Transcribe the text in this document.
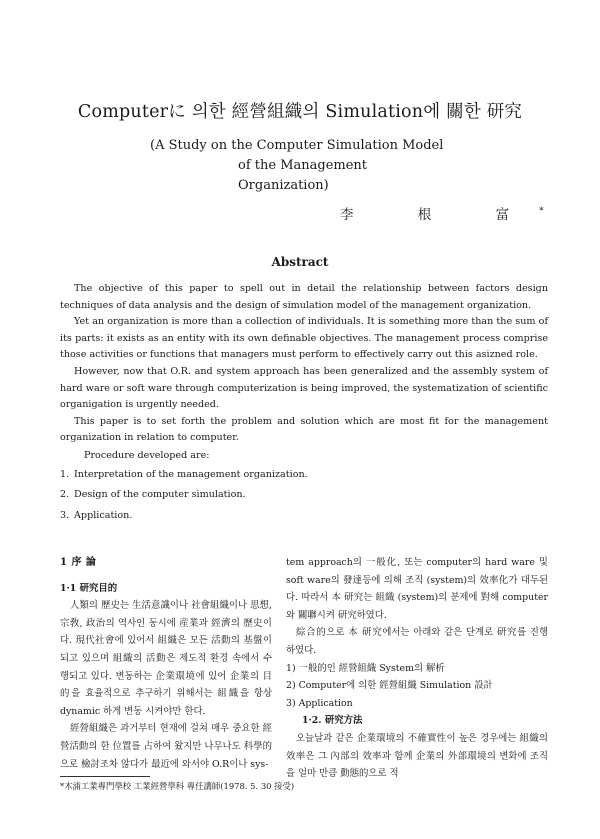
Computerに 의한 經營組織의 Simulation에 關한 研究
(A Study on the Computer Simulation Model
of the Management Organization)
李 根 富*
Abstract

The objective of this paper to spell out in detail the relationship between factors design techniques of data analysis and the design of simulation model of the management organization.

Yet an organization is more than a collection of individuals. It is something more than the sum of its parts: it exists as an entity with its own definable objectives. The management process comprise those activities or functions that managers must perform to effectively carry out this asizned role.

However, now that O.R. and system approach has been generalized and the assembly system of hard ware or soft ware through computerization is being improved, the systematization of scientific organigation is urgently needed.

This paper is to set forth the problem and solution which are most fit for the management organization in relation to computer.

Procedure developed are:

1. Interpretation of the management organization.
2. Design of the computer simulation.
3. Application.
1 序 論
1·1 研究目的

人類의 歷史는 生活意識이나 社會組織이나 思想, 宗敎, 政治의 역사인 동시에 産業과 經濟의 歷史이다. 現代社會에 있어서 組織은 모든 活動의 基盤이 되고 있으며 組織의 活動은 제도적 환경 속에서 수행되고 있다. 변동하는 企業環境에 있어 企業의 目的을 효율적으로 추구하기 위해서는 組織을 항상 dynamic 하게 변동 시켜야만 한다.

經營組織은 과거부터 현재에 걸쳐 매우 중요한 經營活動의 한 位置를 占하여 왔지만 나무나도 科學的으로 檢討조차 않다가 最近에 와서야 O.R이나 sys-

tem approach의 一般化, 또는 computer의 hard ware 및 soft ware의 發達등에 의해 조직 (system)의 效率化가 대두된다. 따라서 本 研究는 組織 (system)의 분제에 對해 computer와 關聯시켜 研究하였다.

綜合的으로 本 研究에서는 아래와 같은 단계로 研究를 진행 하였다.

1) 一般的인 經營組織 System의 解析

2) Computer에 의한 經營組織 Simulation 設計

3) Application

1·2. 研究方法

오늘날과 같은 企業環境의 不確實性이 높은 경우에는 組織의 效率은 그 內部의 效率과 함께 企業의 外部環境의 변화에 조직을 얼마 만큼 動態的으로 적

*木浦工業專門學校 工業經營學科 專任講師(1978. 5. 30 接受)
